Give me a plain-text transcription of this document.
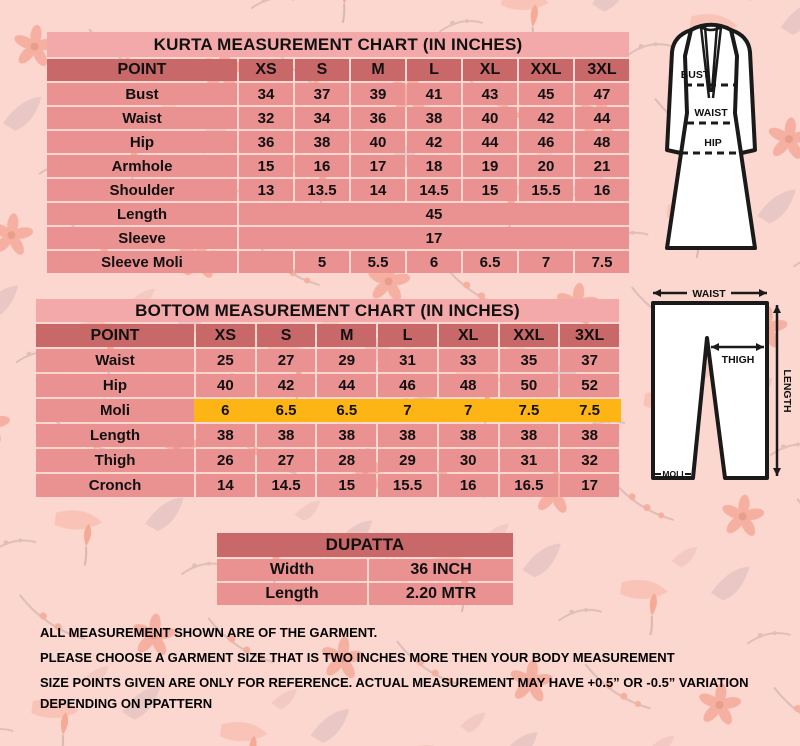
KURTA MEASUREMENT CHART (IN INCHES)							
POINT	XS	S	M	L	XL	XXL	3XL
Bust	34	37	39	41	43	45	47
Waist	32	34	36	38	40	42	44
Hip	36	38	40	42	44	46	48
Armhole	15	16	17	18	19	20	21
Shoulder	13	13.5	14	14.5	15	15.5	16
Length	45						
Sleeve	17						
Sleeve Moli		5	5.5	6	6.5	7	7.5
BOTTOM MEASUREMENT CHART (IN INCHES)							
POINT	XS	S	M	L	XL	XXL	3XL
Waist	25	27	29	31	33	35	37
Hip	40	42	44	46	48	50	52
Moli	6	6.5	6.5	7	7	7.5	7.5
Length	38	38	38	38	38	38	38
Thigh	26	27	28	29	30	31	32
Cronch	14	14.5	15	15.5	16	16.5	17
DUPATTA	
Width	36 INCH
Length	2.20 MTR

ALL MEASUREMENT SHOWN ARE OF THE GARMENT.

PLEASE CHOOSE A GARMENT SIZE THAT IS TWO INCHES MORE THEN YOUR BODY MEASUREMENT

SIZE POINTS GIVEN ARE ONLY FOR REFERENCE. ACTUAL MEASUREMENT MAY HAVE +0.5” OR -0.5” VARIATION DEPENDING ON PPATTERN

BUST
WAIST
HIP
WAIST
THIGH
LENGTH
MOLI
